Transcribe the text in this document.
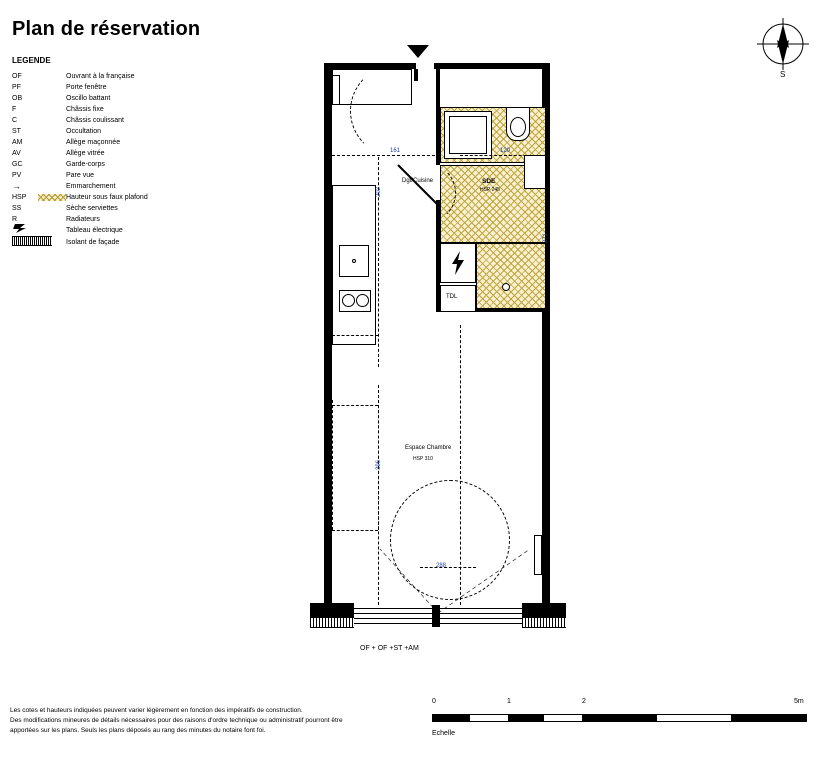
Plan de réservation
LEGENDE
OF	Ouvrant à la française
PF	Porte fenêtre
OB	Oscillo battant
F	Châssis fixe
C	Châssis coulissant
ST	Occultation
AM	Allège maçonnée
AV	Allège vitrée
GC	Garde-corps
PV	Pare vue
→	Emmarchement
HSP	Hauteur sous faux plafond
SS	Sèche serviettes
R	Radiateurs
Tableau électrique
Isolant de façade
S
TDL
161	120
202
271
396
288
Dgt/Cuisine	SDE
HSP 245
Espace Chambre
HSP 310
OF + OF +ST +AM
Les cotes et hauteurs indiquées peuvent varier légèrement en fonction des impératifs de construction.
Des modifications mineures de détails nécessaires pour des raisons d'ordre technique ou administratif pourront être
apportées sur les plans. Seuls les plans déposés au rang des minutes du notaire font foi.
0	1	2	5m
Echelle
